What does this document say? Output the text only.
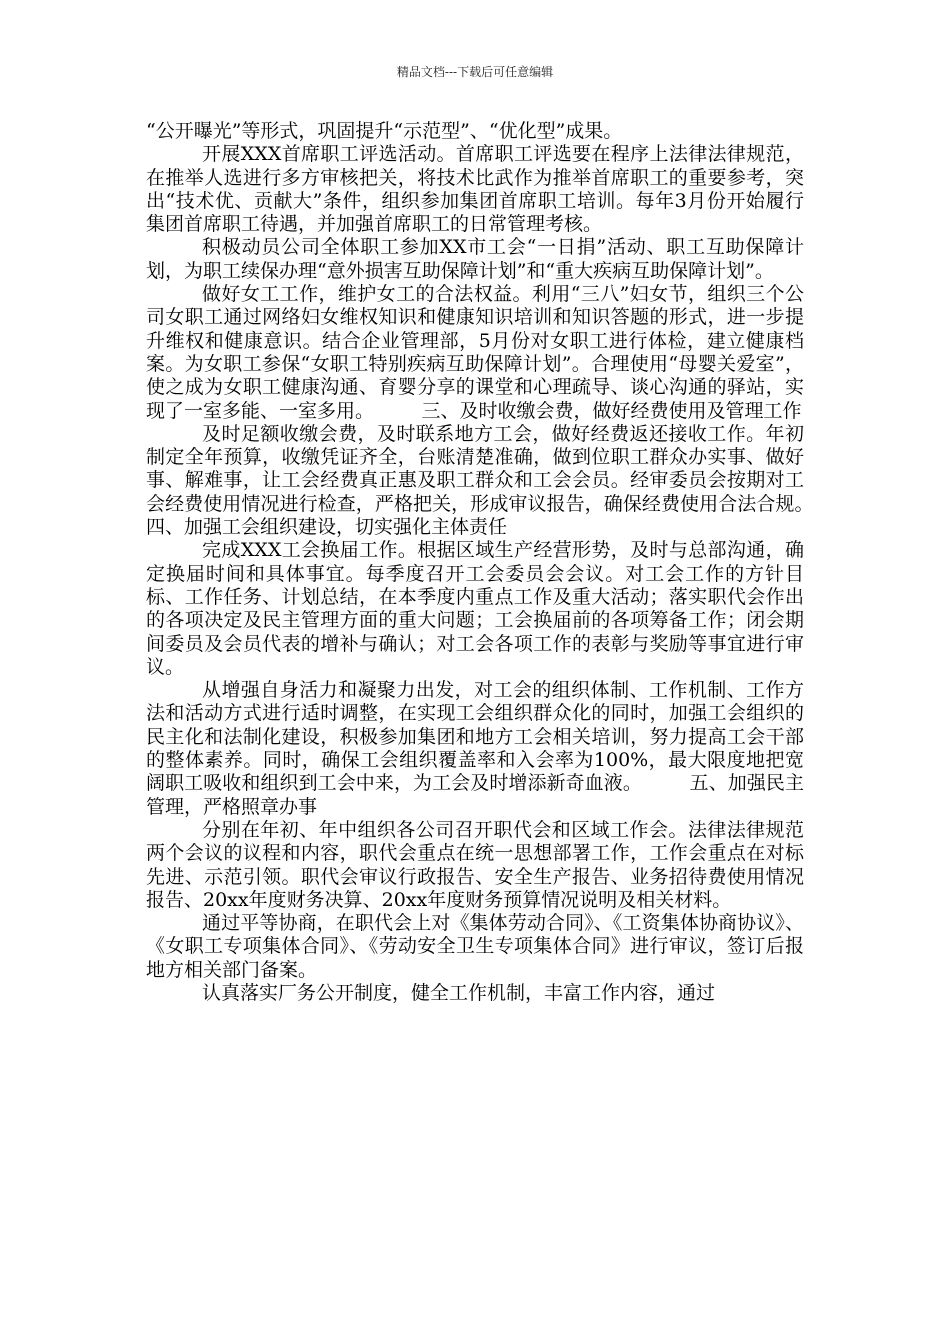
精品文档---下载后可任意编辑

“公开曝光”等形式，巩固提升“示范型”、“优化型”成果。

开展XXX首席职工评选活动。首席职工评选要在程序上法律法律规范，在推举人选进行多方审核把关，将技术比武作为推举首席职工的重要参考，突出“技术优、贡献大”条件，组织参加集团首席职工培训。每年3月份开始履行集团首席职工待遇，并加强首席职工的日常管理考核。

积极动员公司全体职工参加XX市工会“一日捐”活动、职工互助保障计划，为职工续保办理“意外损害互助保障计划”和“重大疾病互助保障计划”。

做好女工工作，维护女工的合法权益。利用“三八”妇女节，组织三个公司女职工通过网络妇女维权知识和健康知识培训和知识答题的形式，进一步提升维权和健康意识。结合企业管理部，5月份对女职工进行体检，建立健康档案。为女职工参保“女职工特别疾病互助保障计划”。合理使用“母婴关爱室”，使之成为女职工健康沟通、育婴分享的课堂和心理疏导、谈心沟通的驿站，实现了一室多能、一室多用。　　　三、及时收缴会费，做好经费使用及管理工作

及时足额收缴会费，及时联系地方工会，做好经费返还接收工作。年初制定全年预算，收缴凭证齐全，台账清楚准确，做到位职工群众办实事、做好事、解难事，让工会经费真正惠及职工群众和工会会员。经审委员会按期对工会经费使用情况进行检查，严格把关，形成审议报告，确保经费使用合法合规。　　　四、加强工会组织建设，切实强化主体责任

完成XXX工会换届工作。根据区域生产经营形势，及时与总部沟通，确定换届时间和具体事宜。每季度召开工会委员会会议。对工会工作的方针目标、工作任务、计划总结，在本季度内重点工作及重大活动；落实职代会作出的各项决定及民主管理方面的重大问题；工会换届前的各项筹备工作；闭会期间委员及会员代表的增补与确认；对工会各项工作的表彰与奖励等事宜进行审议。

从增强自身活力和凝聚力出发，对工会的组织体制、工作机制、工作方法和活动方式进行适时调整，在实现工会组织群众化的同时，加强工会组织的民主化和法制化建设，积极参加集团和地方工会相关培训，努力提高工会干部的整体素养。同时，确保工会组织覆盖率和入会率为100%，最大限度地把宽阔职工吸收和组织到工会中来，为工会及时增添新奇血液。　　　五、加强民主管理，严格照章办事

分别在年初、年中组织各公司召开职代会和区域工作会。法律法律规范两个会议的议程和内容，职代会重点在统一思想部署工作，工作会重点在对标先进、示范引领。职代会审议行政报告、安全生产报告、业务招待费使用情况报告、20xx年度财务决算、20xx年度财务预算情况说明及相关材料。

通过平等协商，在职代会上对《集体劳动合同》、《工资集体协商协议》、《女职工专项集体合同》、《劳动安全卫生专项集体合同》进行审议，签订后报地方相关部门备案。

认真落实厂务公开制度，健全工作机制，丰富工作内容，通过
